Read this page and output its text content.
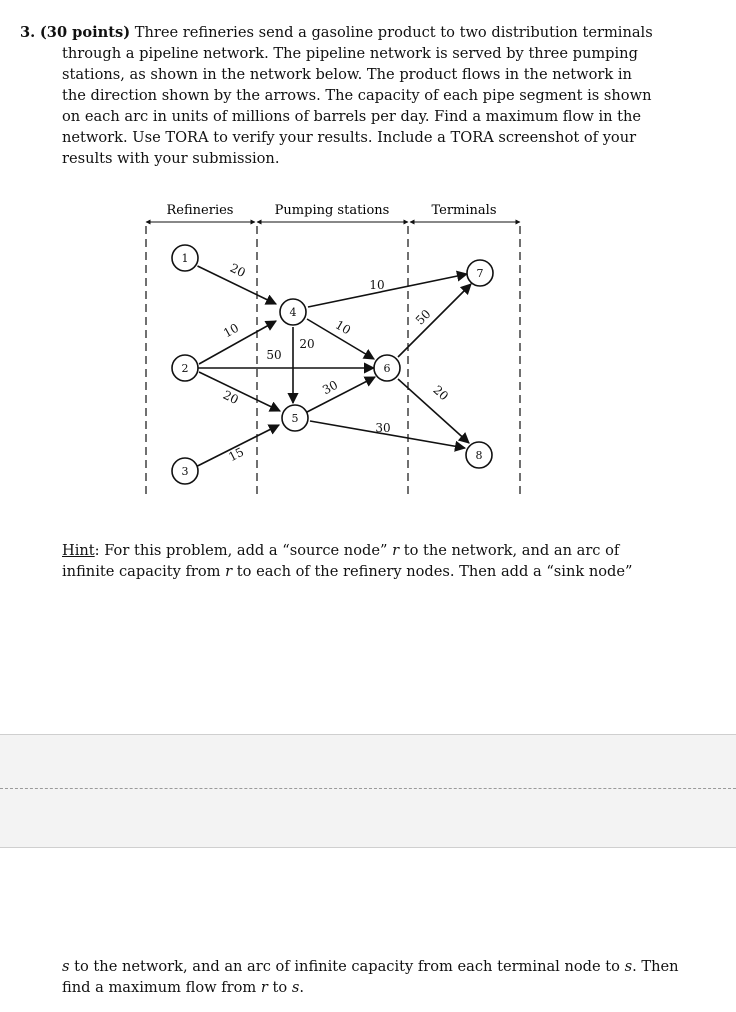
3. (30 points) Three refineries send a gasoline product to two distribution terminals through a pipeline network. The pipeline network is served by three pumping stations, as shown in the network below. The product flows in the network in the direction shown by the arrows. The capacity of each pipe segment is shown on each arc in units of millions of barrels per day. Find a maximum flow in the network. Use TORA to verify your results. Include a TORA screenshot of your results with your submission.

Refineries	Pumping stations	Terminals
1
2
3
4
5
6
7
8
20
10
50
20
15
10
10
20
30
30
50
20
Hint: For this problem, add a “source node” r to the network, and an arc of infinite capacity from r to each of the refinery nodes. Then add a “sink node”
s to the network, and an arc of infinite capacity from each terminal node to s. Then find a maximum flow from r to s.
